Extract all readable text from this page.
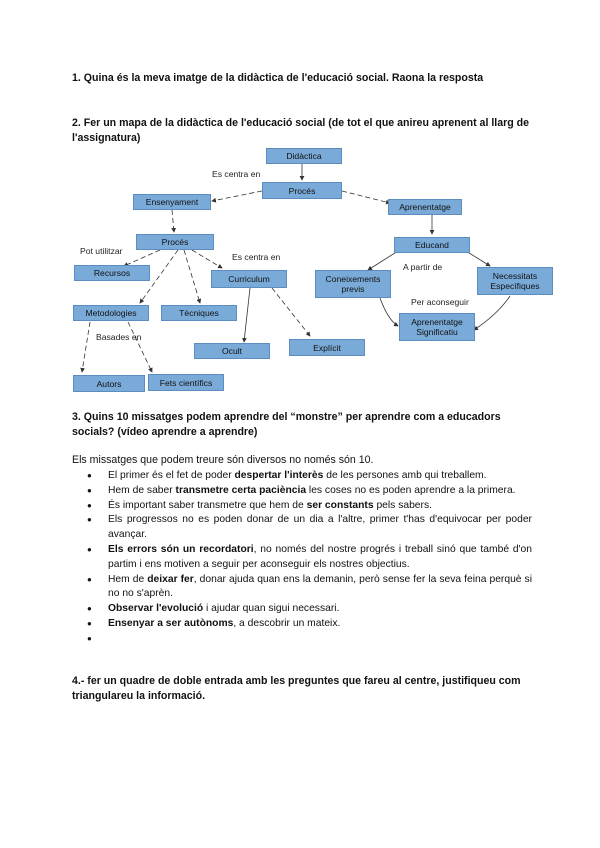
1. Quina és la meva imatge de la didàctica de l'educació social. Raona la resposta
2. Fer un mapa de la didàctica de l'educació social (de tot el que anireu aprenent al llarg de l'assignatura)
Didàctica
Procés
Ensenyament	Aprenentatge
Procés	Educand
Recursos
Curriculum	Coneixements previs
Necessitats Específiques
Metodologies	Tècniques
Aprenentatge Significatiu
Ocult	Explícit
Autors	Fets científics
Es centra en
Pot utilitzar
Es centra en
A partir de
Per aconseguir
Basades en
3. Quins 10 missatges podem aprendre del “monstre” per aprendre com a educadors socials? (vídeo aprendre a aprendre)
Els missatges que podem treure són diversos no només són 10.
● El primer és el fet de poder despertar l'interès de les persones amb qui treballem.
● Hem de saber transmetre certa paciència les coses no es poden aprendre a la primera.
● És important saber transmetre que hem de ser constants pels sabers.
● Els progressos no es poden donar de un dia a l'altre, primer t'has d'equivocar per poder avançar.
● Els errors són un recordatori, no només del nostre progrés i treball sinó que també d'on partim i ens motiven a seguir per aconseguir els nostres objectius.
● Hem de deixar fer, donar ajuda quan ens la demanin, però sense fer la seva feina perquè si no no s'aprèn.
● Observar l'evolució i ajudar quan sigui necessari.
● Ensenyar a ser autònoms, a descobrir un mateix.
●
4.- fer un quadre de doble entrada amb les preguntes que fareu al centre, justifiqueu com triangulareu la informació.
